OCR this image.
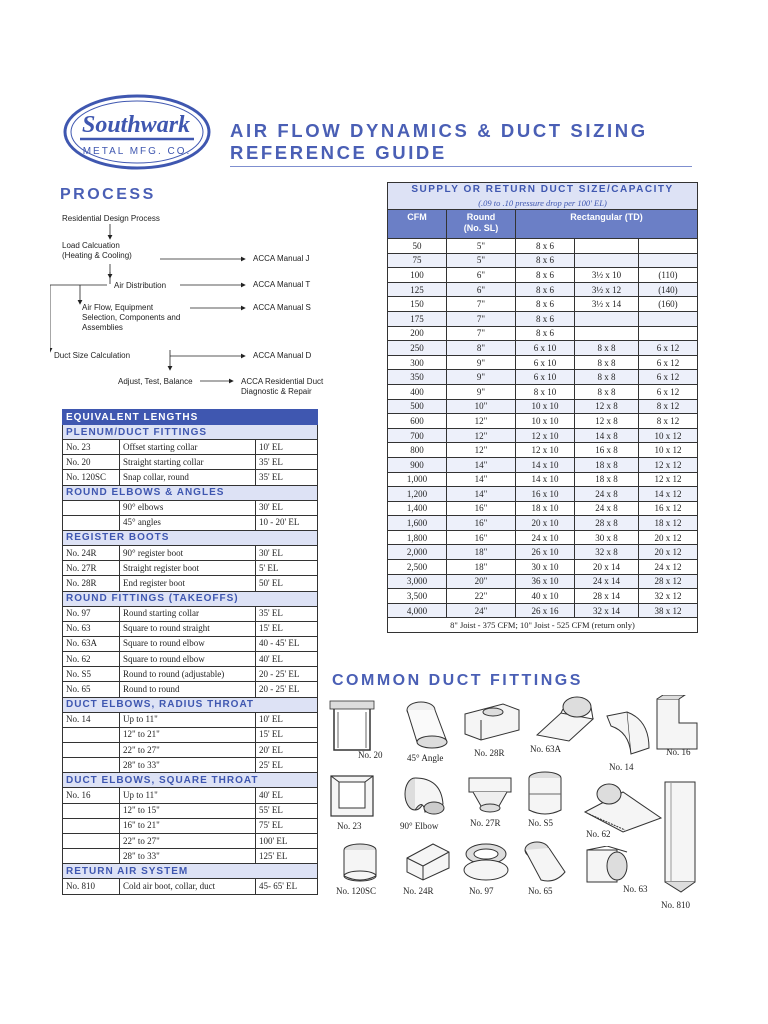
Southwark
METAL MFG. CO.
AIR FLOW DYNAMICS & DUCT SIZING
REFERENCE GUIDE
PROCESS
Residential Design Process
Load Calcuation
(Heating & Cooling)
Air Distribution
Air Flow, Equipment
Selection, Components and
Assemblies
Duct Size Calculation
Adjust, Test, Balance
ACCA Manual J
ACCA Manual T
ACCA Manual S
ACCA Manual D
ACCA Residential Duct
Diagnostic & Repair
EQUIVALENT LENGTHS		
PLENUM/DUCT FITTINGS		
No. 23	Offset starting collar	10' EL
No. 20	Straight starting collar	35' EL
No. 120SC	Snap collar, round	35' EL
ROUND ELBOWS & ANGLES		
	90° elbows	30' EL
	45° angles	10 - 20' EL
REGISTER BOOTS		
No. 24R	90° register boot	30' EL
No. 27R	Straight register boot	5' EL
No. 28R	End register boot	50' EL
ROUND FITTINGS (TAKEOFFS)		
No. 97	Round starting collar	35' EL
No. 63	Square to round straight	15' EL
No. 63A	Square to round elbow	40 - 45' EL
No. 62	Square to round elbow	40' EL
No. S5	Round to round (adjustable)	20 - 25' EL
No. 65	Round to round	20 - 25' EL
DUCT ELBOWS, RADIUS THROAT		
No. 14	Up to 11"	10' EL
	12" to 21"	15' EL
	22" to 27"	20' EL
	28" to 33"	25' EL
DUCT ELBOWS, SQUARE THROAT		
No. 16	Up to 11"	40' EL
	12" to 15"	55' EL
	16" to 21"	75' EL
	22" to 27"	100' EL
	28" to 33"	125' EL
RETURN AIR SYSTEM		
No. 810	Cold air boot, collar, duct	45- 65' EL
SUPPLY OR RETURN DUCT SIZE/CAPACITY				
(.09 to .10 pressure drop per 100' EL)				
CFM	Round
(No. SL)	Rectangular (TD)		
50	5"	8 x 6		
75	5"	8 x 6		
100	6"	8 x 6	3½ x 10	(110)
125	6"	8 x 6	3½ x 12	(140)
150	7"	8 x 6	3½ x 14	(160)
175	7"	8 x 6		
200	7"	8 x 6		
250	8"	6 x 10	8 x 8	6 x 12
300	9"	6 x 10	8 x 8	6 x 12
350	9"	6 x 10	8 x 8	6 x 12
400	9"	8 x 10	8 x 8	6 x 12
500	10"	10 x 10	12 x 8	8 x 12
600	12"	10 x 10	12 x 8	8 x 12
700	12"	12 x 10	14 x 8	10 x 12
800	12"	12 x 10	16 x 8	10 x 12
900	14"	14 x 10	18 x 8	12 x 12
1,000	14"	14 x 10	18 x 8	12 x 12
1,200	14"	16 x 10	24 x 8	14 x 12
1,400	16"	18 x 10	24 x 8	16 x 12
1,600	16"	20 x 10	28 x 8	18 x 12
1,800	16"	24 x 10	30 x 8	20 x 12
2,000	18"	26 x 10	32 x 8	20 x 12
2,500	18"	30 x 10	20 x 14	24 x 12
3,000	20"	36 x 10	24 x 14	28 x 12
3,500	22"	40 x 10	28 x 14	32 x 12
4,000	24"	26 x 16	32 x 14	38 x 12
8" Joist - 375 CFM; 10" Joist - 525 CFM (return only)				
COMMON DUCT FITTINGS
No. 20	45° Angle	No. 28R	No. 63A
No. 14
No. 16
No. 23	90° Elbow	No. 27R	No. S5
No. 62
No. 120SC	No. 24R	No. 97	No. 65	No. 63
No. 810
